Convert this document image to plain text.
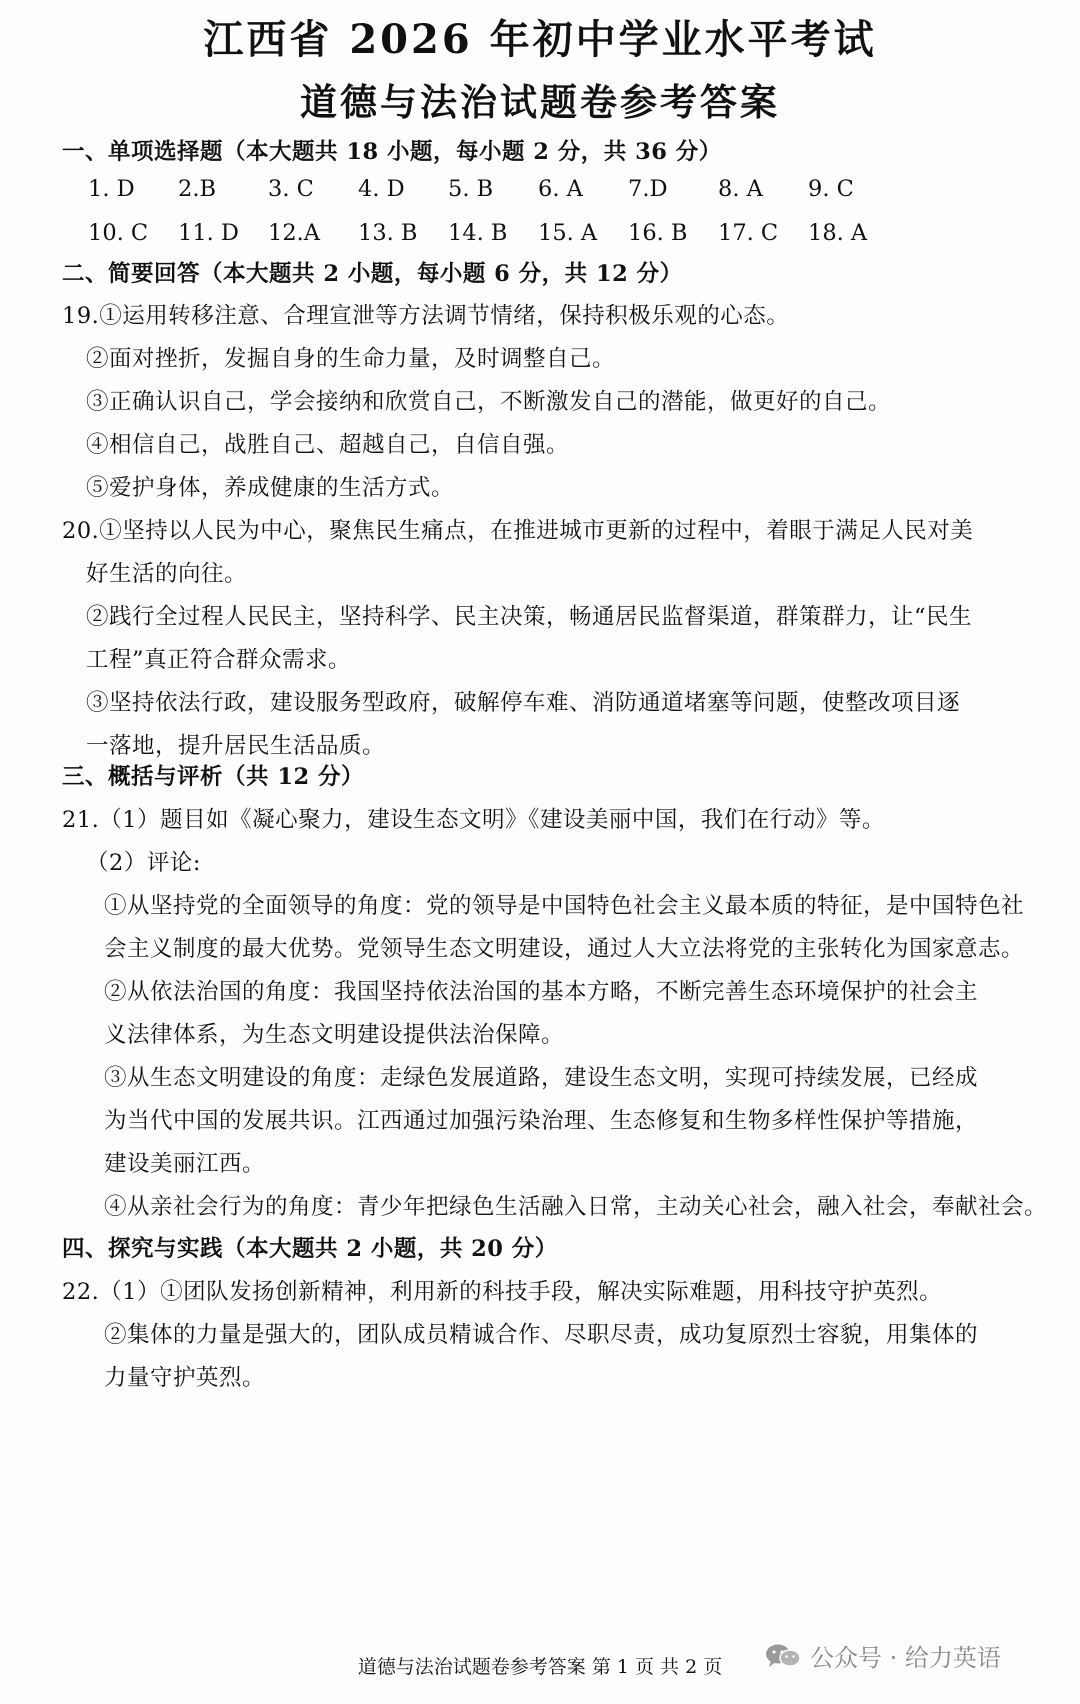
江西省 2026 年初中学业水平考试
道德与法治试题卷参考答案
一、单项选择题（本大题共 18 小题，每小题 2 分，共 36 分）
1. D 2.B 3. C 4. D 5. B 6. A 7.D 8. A 9. C
10. C 11. D 12.A 13. B 14. B 15. A 16. B 17. C 18. A
二、简要回答（本大题共 2 小题，每小题 6 分，共 12 分）
19.①运用转移注意、合理宣泄等方法调节情绪，保持积极乐观的心态。
②面对挫折，发掘自身的生命力量，及时调整自己。
③正确认识自己，学会接纳和欣赏自己，不断激发自己的潜能，做更好的自己。
④相信自己，战胜自己、超越自己，自信自强。
⑤爱护身体，养成健康的生活方式。
20.①坚持以人民为中心，聚焦民生痛点，在推进城市更新的过程中，着眼于满足人民对美
好生活的向往。
②践行全过程人民民主，坚持科学、民主决策，畅通居民监督渠道，群策群力，让“民生
工程”真正符合群众需求。
③坚持依法行政，建设服务型政府，破解停车难、消防通道堵塞等问题，使整改项目逐
一落地，提升居民生活品质。
三、概括与评析（共 12 分）
21.（1）题目如《凝心聚力，建设生态文明》《建设美丽中国，我们在行动》等。
（2）评论:
①从坚持党的全面领导的角度：党的领导是中国特色社会主义最本质的特征，是中国特色社
会主义制度的最大优势。党领导生态文明建设，通过人大立法将党的主张转化为国家意志。
②从依法治国的角度：我国坚持依法治国的基本方略，不断完善生态环境保护的社会主
义法律体系，为生态文明建设提供法治保障。
③从生态文明建设的角度：走绿色发展道路，建设生态文明，实现可持续发展，已经成
为当代中国的发展共识。江西通过加强污染治理、生态修复和生物多样性保护等措施，
建设美丽江西。
④从亲社会行为的角度：青少年把绿色生活融入日常，主动关心社会，融入社会，奉献社会。
四、探究与实践（本大题共 2 小题，共 20 分）
22.（1）①团队发扬创新精神，利用新的科技手段，解决实际难题，用科技守护英烈。
②集体的力量是强大的，团队成员精诚合作、尽职尽责，成功复原烈士容貌，用集体的
力量守护英烈。
道德与法治试题卷参考答案 第 1 页 共 2 页	公众号 · 给力英语
